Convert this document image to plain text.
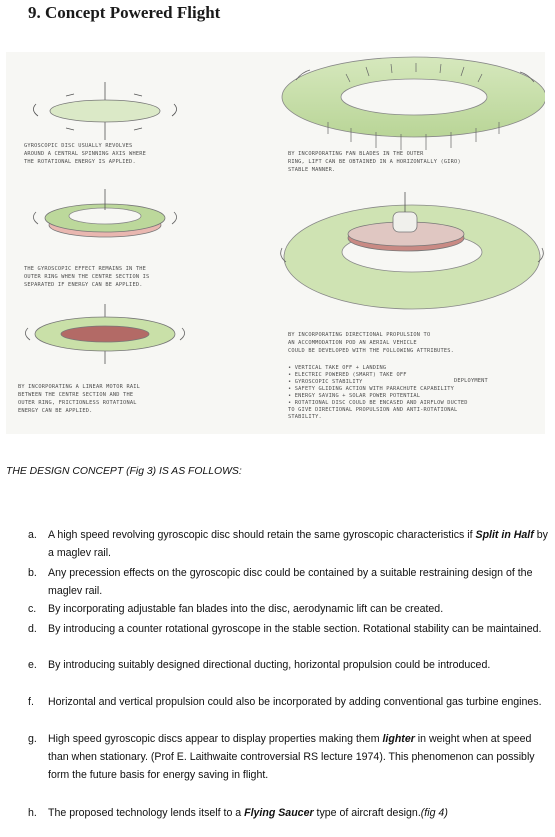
9. Concept Powered Flight
GYROSCOPIC DISC USUALLY REVOLVES
AROUND A CENTRAL SPINNING AXIS WHERE
THE ROTATIONAL ENERGY IS APPLIED.
BY INCORPORATING FAN BLADES IN THE OUTER
RING, LIFT CAN BE OBTAINED IN A HORIZONTALLY (GIRO)
STABLE MANNER.
THE GYROSCOPIC EFFECT REMAINS IN THE
OUTER RING WHEN THE CENTRE SECTION IS
SEPARATED IF ENERGY CAN BE APPLIED.
BY INCORPORATING DIRECTIONAL PROPULSION TO
AN ACCOMMODATION POD AN AERIAL VEHICLE
COULD BE DEVELOPED WITH THE FOLLOWING ATTRIBUTES.
• VERTICAL TAKE OFF + LANDING
• ELECTRIC POWERED (SMART) TAKE OFF
• GYROSCOPIC STABILITY
• SAFETY GLIDING ACTION WITH PARACHUTE CAPABILITY
• ENERGY SAVING + SOLAR POWER POTENTIAL
• ROTATIONAL DISC COULD BE ENCASED AND AIRFLOW DUCTED
TO GIVE DIRECTIONAL PROPULSION AND ANTI-ROTATIONAL
STABILITY.
DEPLOYMENT
BY INCORPORATING A LINEAR MOTOR RAIL
BETWEEN THE CENTRE SECTION AND THE
OUTER RING, FRICTIONLESS ROTATIONAL
ENERGY CAN BE APPLIED.

THE DESIGN CONCEPT (Fig 3) IS AS FOLLOWS:

a. A high speed revolving gyroscopic disc should retain the same gyroscopic characteristics if Split in Half by a maglev rail.
b. Any precession effects on the gyroscopic disc could be contained by a suitable restraining design of the maglev rail.
c. By incorporating adjustable fan blades into the disc, aerodynamic lift can be created.
d. By introducing a counter rotational gyroscope in the stable section. Rotational stability can be maintained.
e. By introducing suitably designed directional ducting, horizontal propulsion could be introduced.
f. Horizontal and vertical propulsion could also be incorporated by adding conventional gas turbine engines.
g. High speed gyroscopic discs appear to display properties making them lighter in weight when at speed than when stationary. (Prof E. Laithwaite controversial RS lecture 1974). This phenomenon can possibly form the future basis for energy saving in flight.
h. The proposed technology lends itself to a Flying Saucer type of aircraft design.(fig 4)
